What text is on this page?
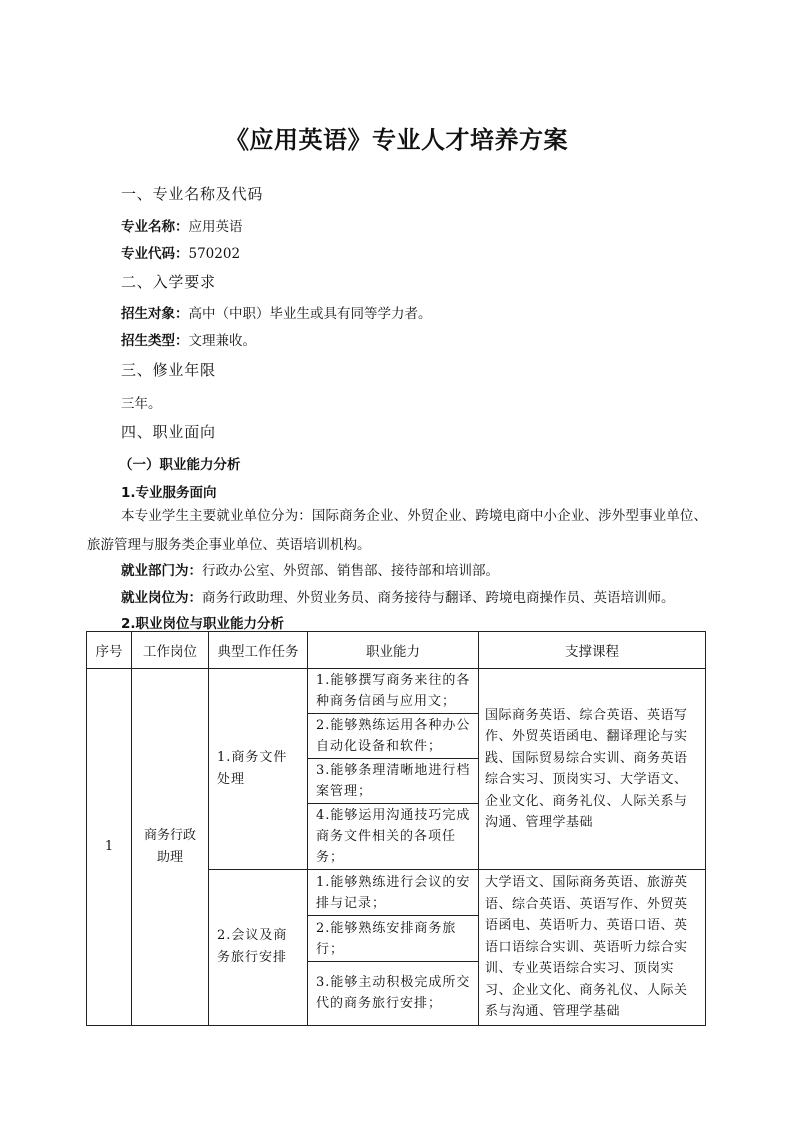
《应用英语》专业人才培养方案
一、专业名称及代码
专业名称：应用英语
专业代码：570202
二、入学要求
招生对象：高中（中职）毕业生或具有同等学力者。
招生类型：文理兼收。
三、修业年限
三年。
四、职业面向
（一）职业能力分析
1.专业服务面向
本专业学生主要就业单位分为：国际商务企业、外贸企业、跨境电商中小企业、涉外型事业单位、旅游管理与服务类企事业单位、英语培训机构。
就业部门为：行政办公室、外贸部、销售部、接待部和培训部。
就业岗位为：商务行政助理、外贸业务员、商务接待与翻译、跨境电商操作员、英语培训师。
2.职业岗位与职业能力分析
序号	工作岗位	典型工作任务	职业能力	支撑课程
1	商务行政助理	1.商务文件处理	1.能够撰写商务来往的各种商务信函与应用文；	国际商务英语、综合英语、英语写作、外贸英语函电、翻译理论与实践、国际贸易综合实训、商务英语综合实习、顶岗实习、大学语文、企业文化、商务礼仪、人际关系与沟通、管理学基础
			2.能够熟练运用各种办公自动化设备和软件；	
			3.能够条理清晰地进行档案管理；	
			4.能够运用沟通技巧完成商务文件相关的各项任务；	
		2.会议及商务旅行安排	1.能够熟练进行会议的安排与记录；	大学语文、国际商务英语、旅游英语、综合英语、英语写作、外贸英语函电、英语听力、英语口语、英语口语综合实训、英语听力综合实训、专业英语综合实习、顶岗实习、企业文化、商务礼仪、人际关系与沟通、管理学基础
			2.能够熟练安排商务旅行；	
			3.能够主动积极完成所交代的商务旅行安排；	
